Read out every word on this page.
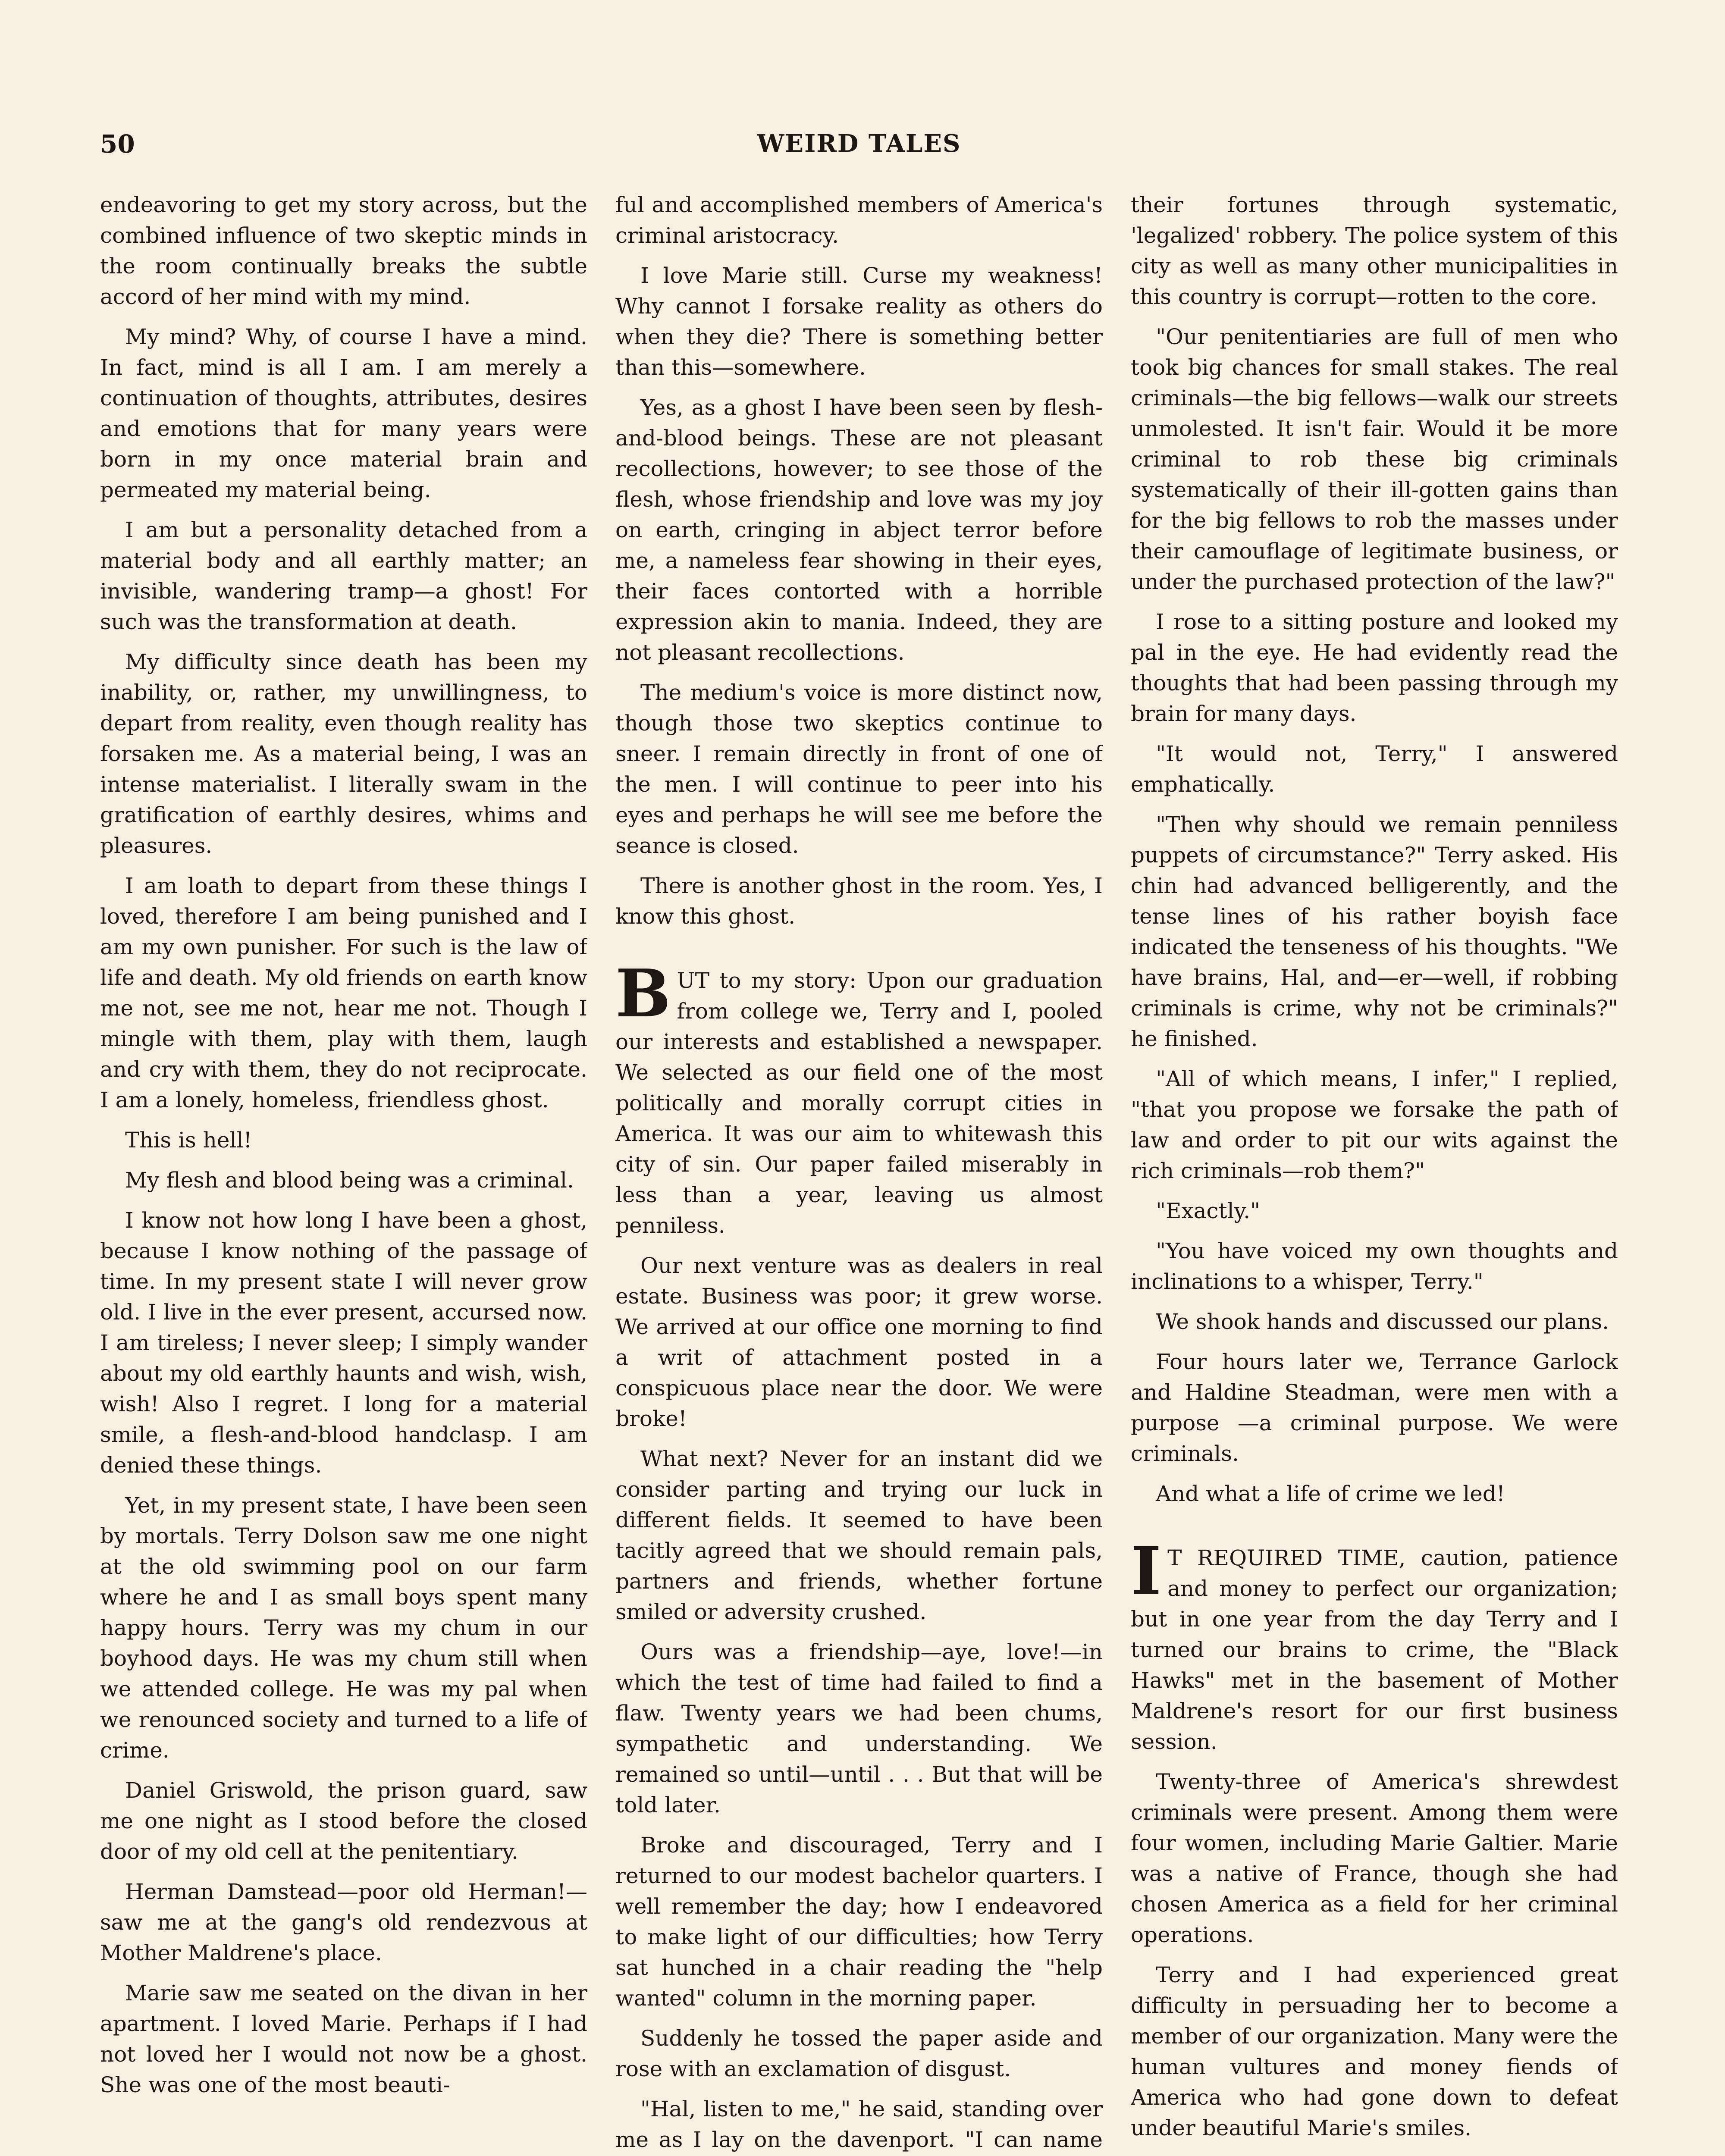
50	WEIRD TALES

endeavoring to get my story across, but the combined influence of two skeptic minds in the room continually breaks the subtle accord of her mind with my mind.

My mind? Why, of course I have a mind. In fact, mind is all I am. I am merely a continuation of thoughts, attributes, desires and emotions that for many years were born in my once material brain and permeated my material being.

I am but a personality detached from a material body and all earthly matter; an invisible, wandering tramp—a ghost! For such was the transformation at death.

My difficulty since death has been my inability, or, rather, my unwillingness, to depart from reality, even though reality has forsaken me. As a material being, I was an intense materialist. I literally swam in the gratification of earthly desires, whims and pleasures.

I am loath to depart from these things I loved, therefore I am being punished and I am my own punisher. For such is the law of life and death. My old friends on earth know me not, see me not, hear me not. Though I mingle with them, play with them, laugh and cry with them, they do not reciprocate. I am a lonely, homeless, friendless ghost.

This is hell!

My flesh and blood being was a criminal.

I know not how long I have been a ghost, because I know nothing of the passage of time. In my present state I will never grow old. I live in the ever present, accursed now. I am tireless; I never sleep; I simply wander about my old earthly haunts and wish, wish, wish! Also I regret. I long for a material smile, a flesh-and-blood handclasp. I am denied these things.

Yet, in my present state, I have been seen by mortals. Terry Dolson saw me one night at the old swimming pool on our farm where he and I as small boys spent many happy hours. Terry was my chum in our boyhood days. He was my chum still when we attended college. He was my pal when we renounced society and turned to a life of crime.

Daniel Griswold, the prison guard, saw me one night as I stood before the closed door of my old cell at the penitentiary.

Herman Damstead—poor old Herman!—saw me at the gang's old rendezvous at Mother Maldrene's place.

Marie saw me seated on the divan in her apartment. I loved Marie. Perhaps if I had not loved her I would not now be a ghost. She was one of the most beauti-

ful and accomplished members of America's criminal aristocracy.

I love Marie still. Curse my weakness! Why cannot I forsake reality as others do when they die? There is something better than this—somewhere.

Yes, as a ghost I have been seen by flesh-and-blood beings. These are not pleasant recollections, however; to see those of the flesh, whose friendship and love was my joy on earth, cringing in abject terror before me, a nameless fear showing in their eyes, their faces contorted with a horrible expression akin to mania. Indeed, they are not pleasant recollections.

The medium's voice is more distinct now, though those two skeptics continue to sneer. I remain directly in front of one of the men. I will continue to peer into his eyes and perhaps he will see me before the seance is closed.

There is another ghost in the room. Yes, I know this ghost.

BUT to my story: Upon our graduation from college we, Terry and I, pooled our interests and established a newspaper. We selected as our field one of the most politically and morally corrupt cities in America. It was our aim to whitewash this city of sin. Our paper failed miserably in less than a year, leaving us almost penniless.

Our next venture was as dealers in real estate. Business was poor; it grew worse. We arrived at our office one morning to find a writ of attachment posted in a conspicuous place near the door. We were broke!

What next? Never for an instant did we consider parting and trying our luck in different fields. It seemed to have been tacitly agreed that we should remain pals, partners and friends, whether fortune smiled or adversity crushed.

Ours was a friendship—aye, love!—in which the test of time had failed to find a flaw. Twenty years we had been chums, sympathetic and understanding. We remained so until—until . . . But that will be told later.

Broke and discouraged, Terry and I returned to our modest bachelor quarters. I well remember the day; how I endeavored to make light of our difficulties; how Terry sat hunched in a chair reading the "help wanted" column in the morning paper.

Suddenly he tossed the paper aside and rose with an exclamation of disgust.

"Hal, listen to me," he said, standing over me as I lay on the davenport. "I can name

their fortunes through systematic, 'legalized' robbery. The police system of this city as well as many other municipalities in this country is corrupt—rotten to the core.

"Our penitentiaries are full of men who took big chances for small stakes. The real criminals—the big fellows—walk our streets unmolested. It isn't fair. Would it be more criminal to rob these big criminals systematically of their ill-gotten gains than for the big fellows to rob the masses under their camouflage of legitimate business, or under the purchased protection of the law?"

I rose to a sitting posture and looked my pal in the eye. He had evidently read the thoughts that had been passing through my brain for many days.

"It would not, Terry," I answered emphatically.

"Then why should we remain penniless puppets of circumstance?" Terry asked. His chin had advanced belligerently, and the tense lines of his rather boyish face indicated the tenseness of his thoughts. "We have brains, Hal, and—er—well, if robbing criminals is crime, why not be criminals?" he finished.

"All of which means, I infer," I replied, "that you propose we forsake the path of law and order to pit our wits against the rich criminals—rob them?"

"Exactly."

"You have voiced my own thoughts and inclinations to a whisper, Terry."

We shook hands and discussed our plans.

Four hours later we, Terrance Garlock and Haldine Steadman, were men with a purpose —a criminal purpose. We were criminals.

And what a life of crime we led!

I T REQUIRED TIME, caution, patience and money to perfect our organization; but in one year from the day Terry and I turned our brains to crime, the "Black Hawks" met in the basement of Mother Maldrene's resort for our first business session.

Twenty-three of America's shrewdest criminals were present. Among them were four women, including Marie Galtier. Marie was a native of France, though she had chosen America as a field for her criminal operations.

Terry and I had experienced great difficulty in persuading her to become a member of our organization. Many were the human vultures and money fiends of America who had gone down to defeat under beautiful Marie's smiles.
